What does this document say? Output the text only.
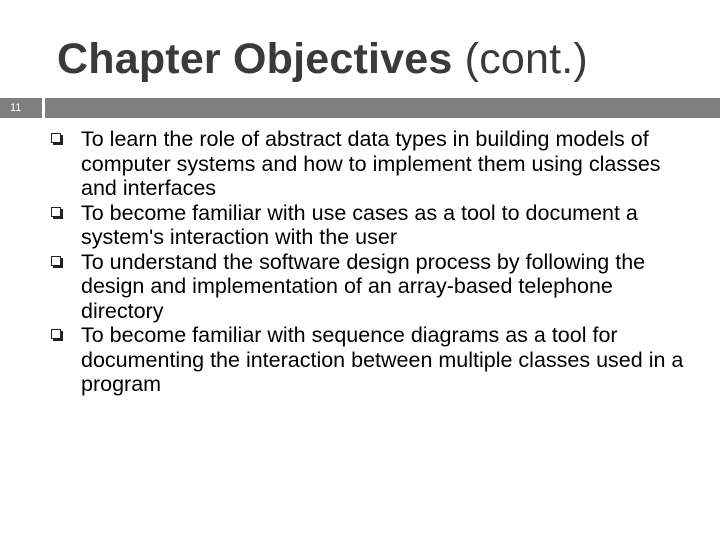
Chapter Objectives (cont.)
11
To learn the role of abstract data types in building models of computer systems and how to implement them using classes and interfaces
To become familiar with use cases as a tool to document a system's interaction with the user
To understand the software design process by following the design and implementation of an array-based telephone directory
To become familiar with sequence diagrams as a tool for documenting the interaction between multiple classes used in a program
